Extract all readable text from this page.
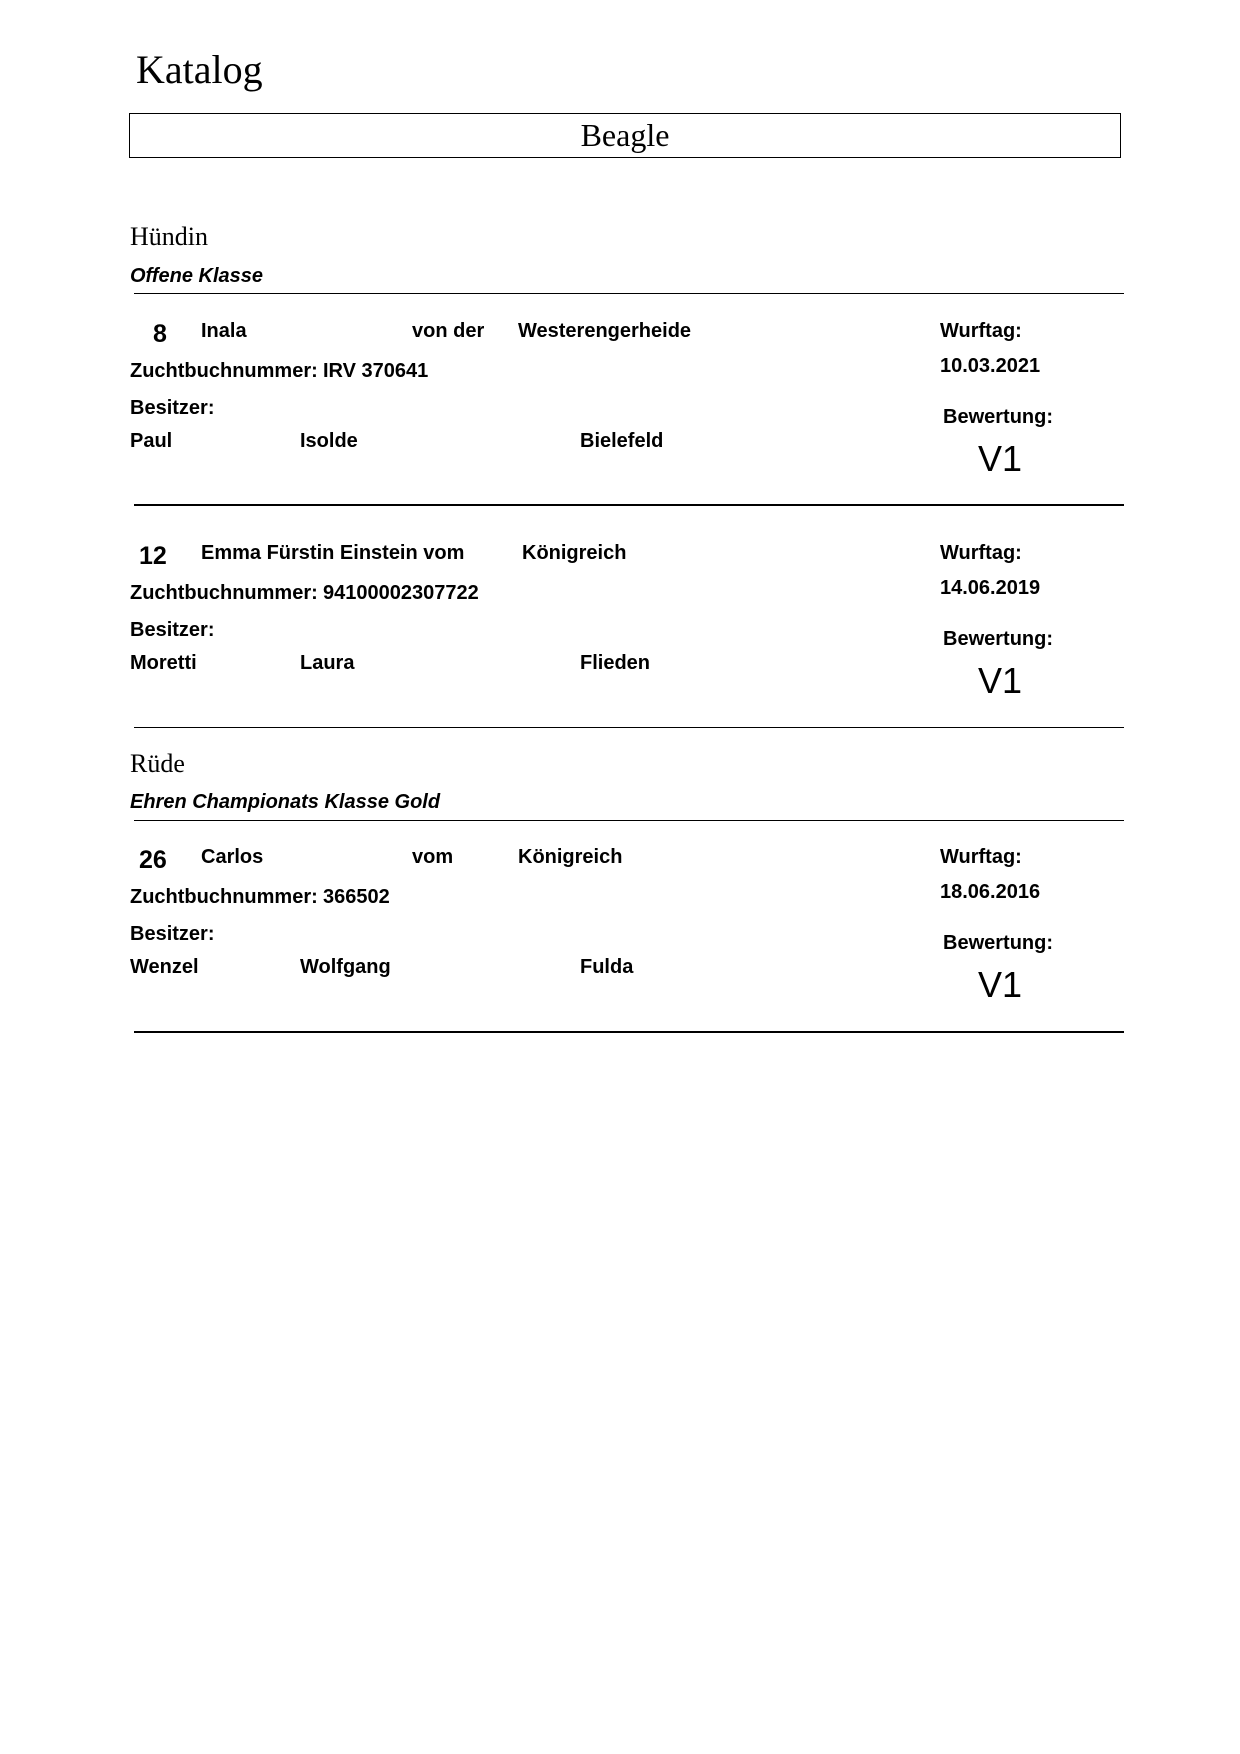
Katalog
Beagle
Hündin
Offene Klasse
8 Inala	von der Westerengerheide	Wurftag:
10.03.2021
Zuchtbuchnummer: IRV 370641
Besitzer:	Bewertung:
Paul	Isolde	Bielefeld	V1
12 Emma Fürstin Einstein vom	Königreich	Wurftag:
14.06.2019
Zuchtbuchnummer: 94100002307722
Besitzer:	Bewertung:
Moretti	Laura	Flieden	V1
Rüde
Ehren Championats Klasse Gold
26 Carlos	vom	Königreich	Wurftag:
18.06.2016
Zuchtbuchnummer: 366502
Besitzer:	Bewertung:
Wenzel	Wolfgang	Fulda	V1
